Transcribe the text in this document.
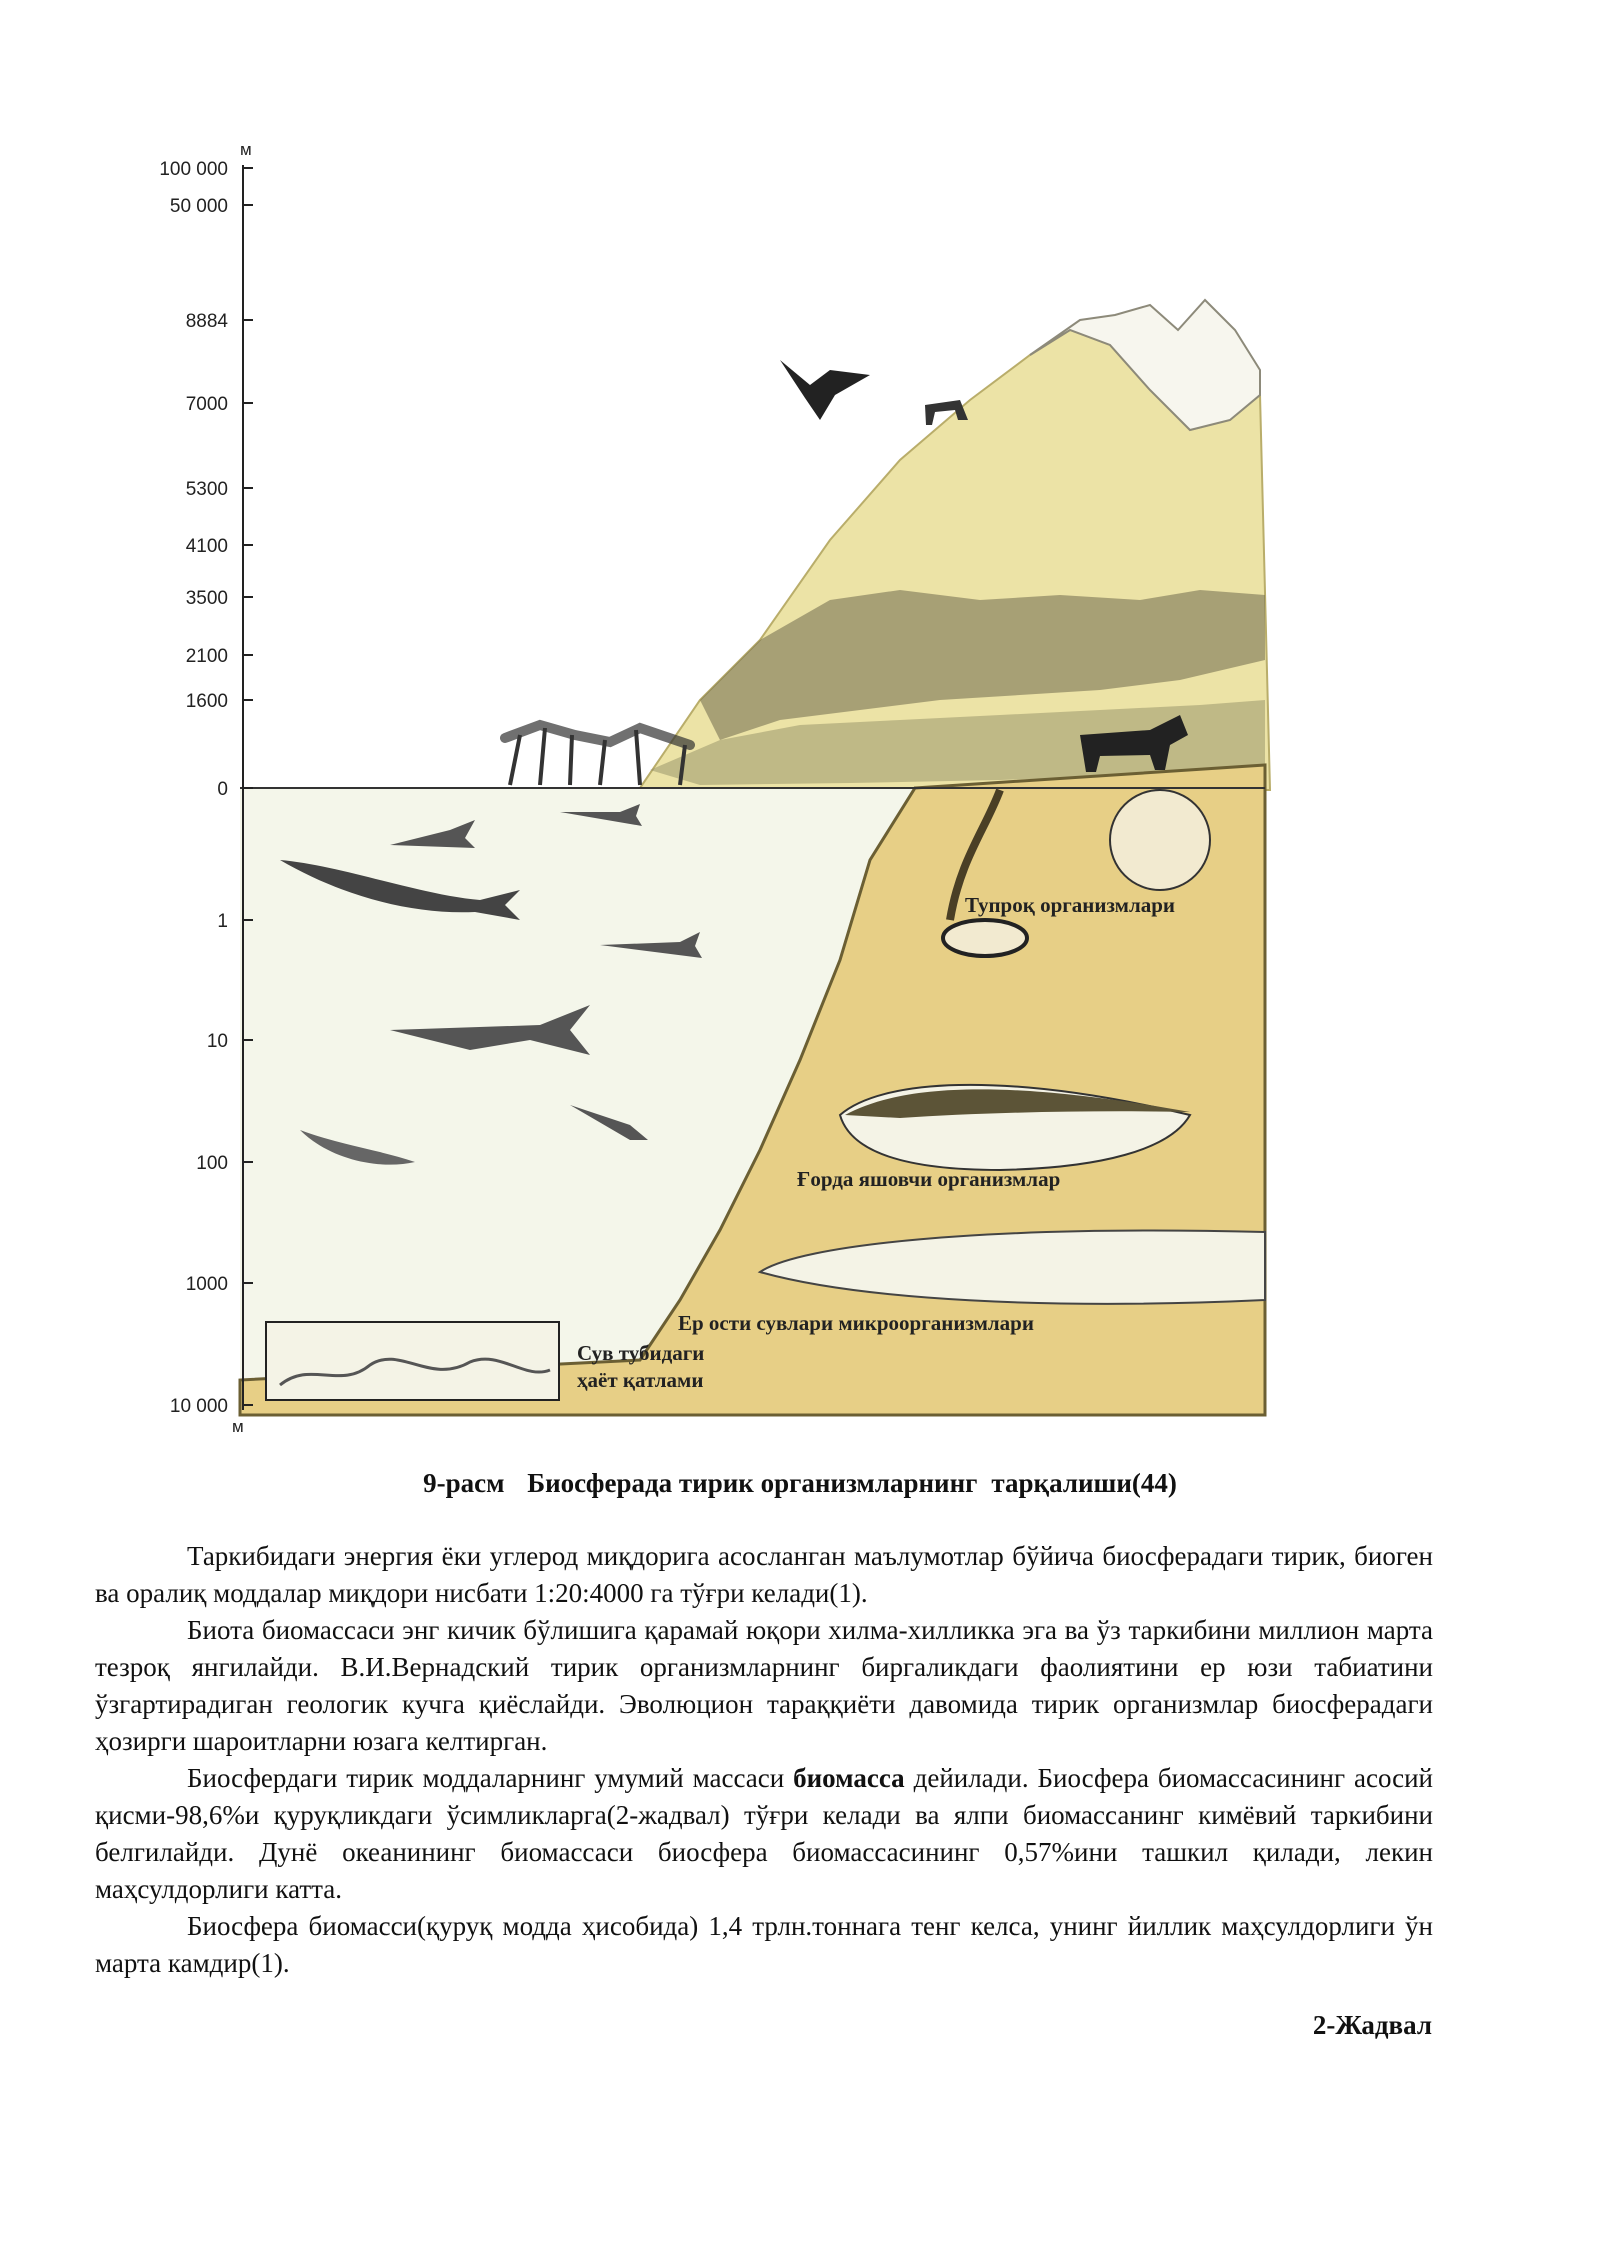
100 000
50 000
8884
7000
5300
4100
3500
2100
1600
0
1
10
100
1000
10 000
м
м
Тупроқ организмлари
Ғорда яшовчи организмлар
Ер ости сувлари микроорганизмлари
Сув тубидаги
ҳаёт қатлами
9-расм Биосферада тирик организмларнинг тарқалиши(44)

Таркибидаги энергия ёки углерод миқдорига асосланган маълумотлар бўйича биосферадаги тирик, биоген ва оралиқ моддалар миқдори нисбати 1:20:4000 га тўғри келади(1).

Биота биомассаси энг кичик бўлишига қарамай юқори хилма-хилликка эга ва ўз таркибини миллион марта тезроқ янгилайди. В.И.Вернадский тирик организмларнинг биргаликдаги фаолиятини ер юзи табиатини ўзгартирадиган геологик кучга қиёслайди. Эволюцион тараққиёти давомида тирик организмлар биосферадаги ҳозирги шароитларни юзага келтирган.

Биосфердаги тирик моддаларнинг умумий массаси биомасса дейилади. Биосфера биомассасининг асосий қисми-98,6%и қуруқликдаги ўсимликларга(2-жадвал) тўғри келади ва ялпи биомассанинг кимёвий таркибини белгилайди. Дунё океанининг биомассаси биосфера биомассасининг 0,57%ини ташкил қилади, лекин маҳсулдорлиги катта.

Биосфера биомасси(қуруқ модда ҳисобида) 1,4 трлн.тоннага тенг келса, унинг йиллик маҳсулдорлиги ўн марта камдир(1).

2-Жадвал
